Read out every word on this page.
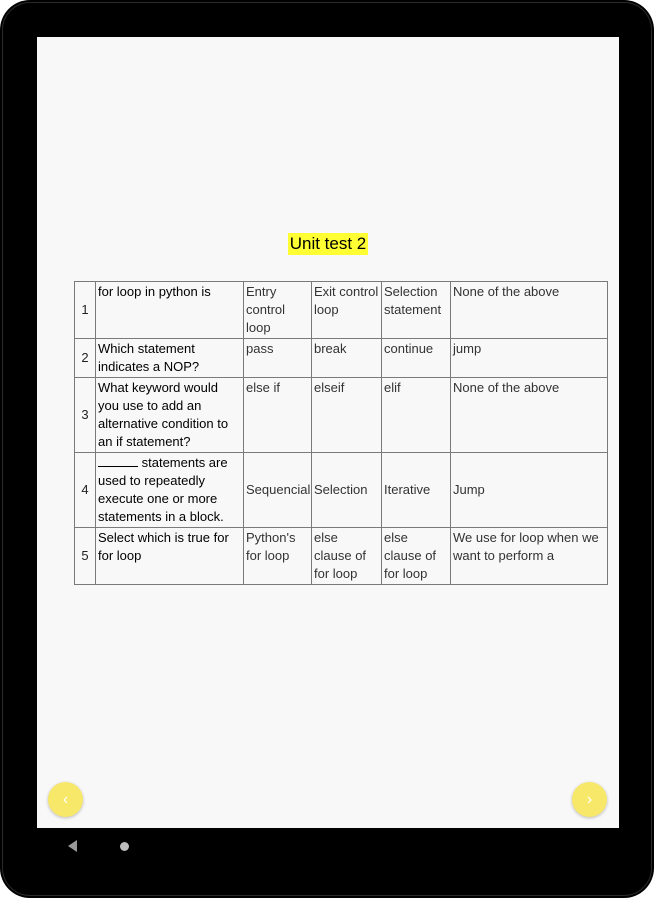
Unit test 2
1	for loop in python is	Entry control loop	Exit control loop	Selection statement	None of the above
2	Which statement indicates a NOP?	pass	break	continue	jump
3	What keyword would you use to add an alternative condition to an if statement?	else if	elseif	elif	None of the above
4	statements are used to repeatedly execute one or more statements in a block.	Sequencial	Selection	Iterative	Jump
5	Select which is true for for loop	Python's for loop	else clause of for loop	else clause of for loop	We use for loop when we want to perform a
‹	›
